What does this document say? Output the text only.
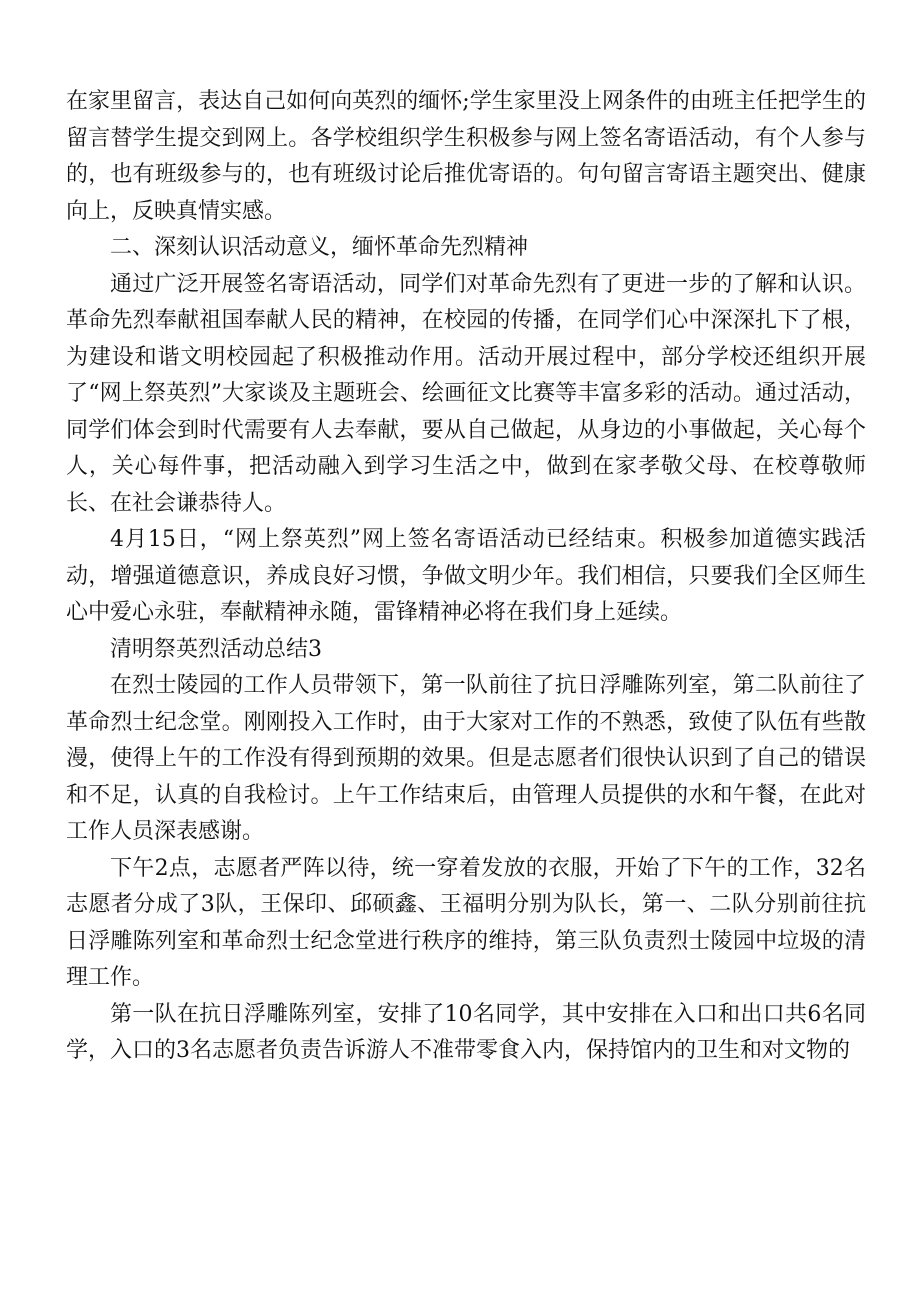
在家里留言，表达自己如何向英烈的缅怀;学生家里没上网条件的由班主任把学生的留言替学生提交到网上。各学校组织学生积极参与网上签名寄语活动，有个人参与的，也有班级参与的，也有班级讨论后推优寄语的。句句留言寄语主题突出、健康向上，反映真情实感。

二、深刻认识活动意义，缅怀革命先烈精神

通过广泛开展签名寄语活动，同学们对革命先烈有了更进一步的了解和认识。革命先烈奉献祖国奉献人民的精神，在校园的传播，在同学们心中深深扎下了根，为建设和谐文明校园起了积极推动作用。活动开展过程中，部分学校还组织开展了“网上祭英烈”大家谈及主题班会、绘画征文比赛等丰富多彩的活动。通过活动，同学们体会到时代需要有人去奉献，要从自己做起，从身边的小事做起，关心每个人，关心每件事，把活动融入到学习生活之中，做到在家孝敬父母、在校尊敬师长、在社会谦恭待人。

4月15日，“网上祭英烈”网上签名寄语活动已经结束。积极参加道德实践活动，增强道德意识，养成良好习惯，争做文明少年。我们相信，只要我们全区师生心中爱心永驻，奉献精神永随，雷锋精神必将在我们身上延续。

清明祭英烈活动总结3

在烈士陵园的工作人员带领下，第一队前往了抗日浮雕陈列室，第二队前往了革命烈士纪念堂。刚刚投入工作时，由于大家对工作的不熟悉，致使了队伍有些散漫，使得上午的工作没有得到预期的效果。但是志愿者们很快认识到了自己的错误和不足，认真的自我检讨。上午工作结束后，由管理人员提供的水和午餐，在此对工作人员深表感谢。

下午2点，志愿者严阵以待，统一穿着发放的衣服，开始了下午的工作，32名志愿者分成了3队，王保印、邱硕鑫、王福明分别为队长，第一、二队分别前往抗日浮雕陈列室和革命烈士纪念堂进行秩序的维持，第三队负责烈士陵园中垃圾的清理工作。

第一队在抗日浮雕陈列室，安排了10名同学，其中安排在入口和出口共6名同学，入口的3名志愿者负责告诉游人不准带零食入内，保持馆内的卫生和对文物的
